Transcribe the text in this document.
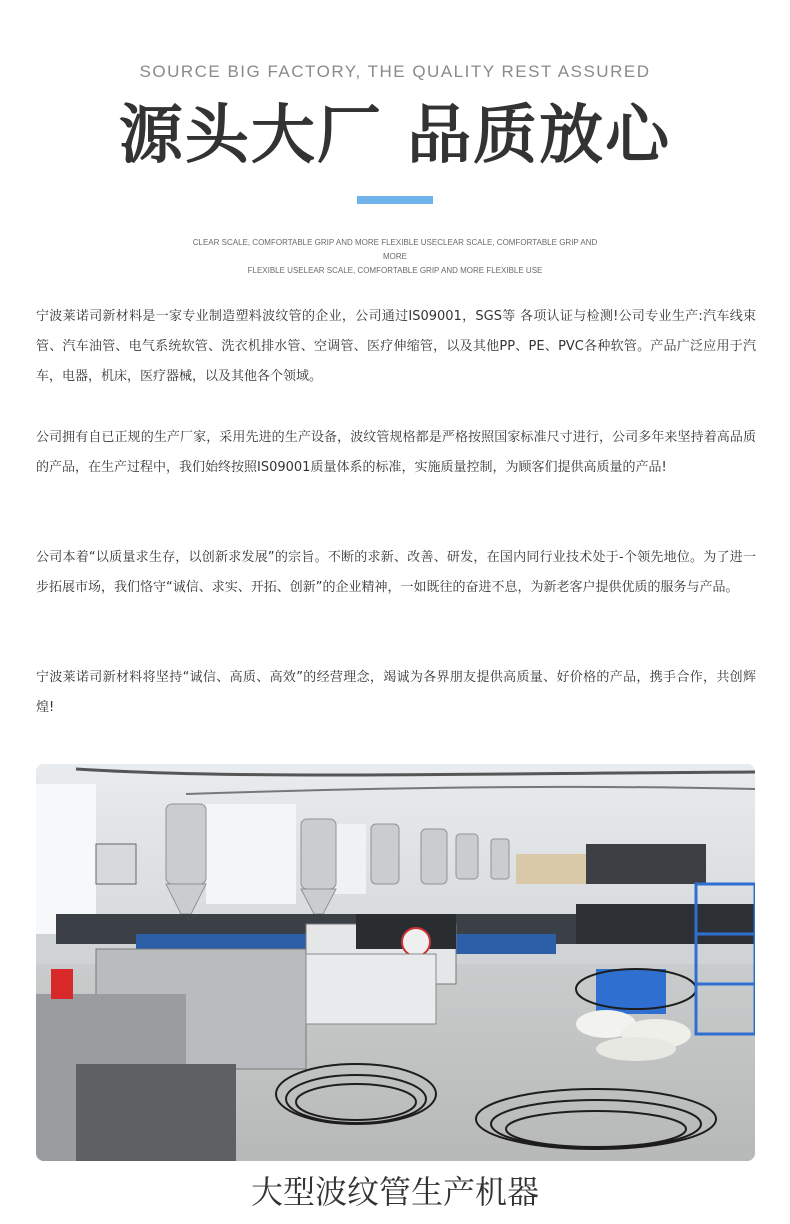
SOURCE BIG FACTORY, THE QUALITY REST ASSURED
源头大厂 品质放心
CLEAR SCALE, COMFORTABLE GRIP AND MORE FLEXIBLE USECLEAR SCALE, COMFORTABLE GRIP AND MORE
FLEXIBLE USELEAR SCALE, COMFORTABLE GRIP AND MORE FLEXIBLE USE

宁波莱诺司新材料是一家专业制造塑料波纹管的企业，公司通过IS09001，SGS等 各项认证与检测!公司专业生产:汽车线束管、汽车油管、电气系统软管、洗衣机排水管、空调管、医疗伸缩管，以及其他PP、PE、PVC各种软管。产品广泛应用于汽车，电器，机床，医疗器械，以及其他各个领域。

公司拥有自已正规的生产厂家，采用先进的生产设备，波纹管规格都是严格按照国家标准尺寸进行，公司多年来坚持着高品质的产品，在生产过程中，我们始终按照IS09001质量体系的标准，实施质量控制，为顾客们提供高质量的产品!

公司本着“以质量求生存，以创新求发展”的宗旨。不断的求新、改善、研发，在国内同行业技术处于-个领先地位。为了进一步拓展市场，我们恪守“诚信、求实、开拓、创新”的企业精神，一如既往的奋进不息，为新老客户提供优质的服务与产品。

宁波莱诺司新材料将坚持“诚信、高质、高效”的经营理念，竭诚为各界朋友提供高质量、好价格的产品，携手合作，共创辉煌!

大型波纹管生产机器
